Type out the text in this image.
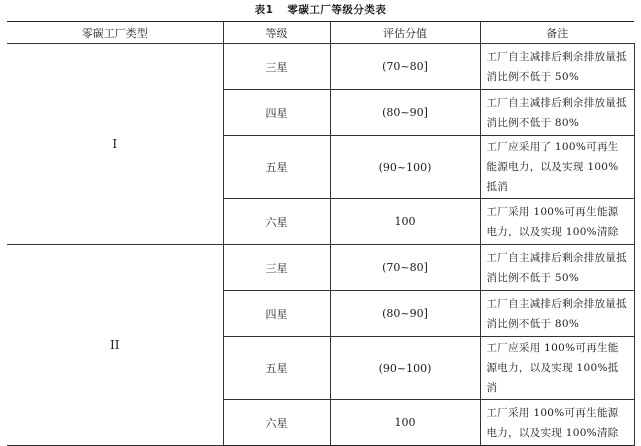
表1 零碳工厂等级分类表
零碳工厂类型	等级	评估分值	备注
I	三星	(70~80]	工厂自主减排后剩余排放量抵消比例不低于 50%
	四星	(80~90]	工厂自主减排后剩余排放量抵消比例不低于 80%
	五星	(90~100)	工厂应采用了 100%可再生能源电力，以及实现 100%抵消
	六星	100	工厂采用 100%可再生能源电力，以及实现 100%清除
II	三星	(70~80]	工厂自主减排后剩余排放量抵消比例不低于 50%
	四星	(80~90]	工厂自主减排后剩余排放量抵消比例不低于 80%
	五星	(90~100)	工厂应采用 100%可再生能源电力，以及实现 100%抵消
	六星	100	工厂采用 100%可再生能源电力，以及实现 100%清除
